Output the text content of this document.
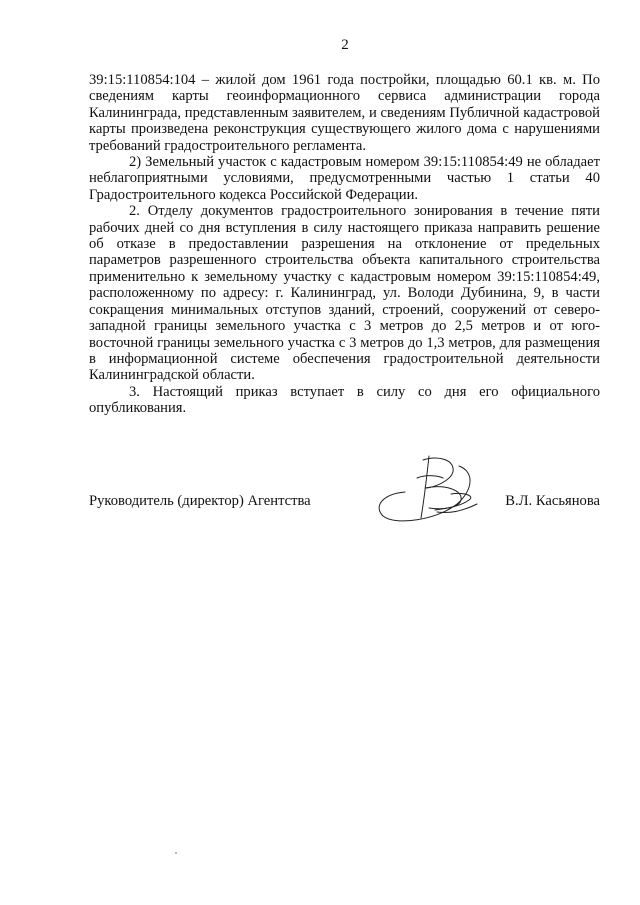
2

39:15:110854:104 – жилой дом 1961 года постройки, площадью 60.1 кв. м. По сведениям карты геоинформационного сервиса администрации города Калининграда, представленным заявителем, и сведениям Публичной кадастровой карты произведена реконструкция существующего жилого дома с нарушениями требований градостроительного регламента.

2) Земельный участок с кадастровым номером 39:15:110854:49 не обладает неблагоприятными условиями, предусмотренными частью 1 статьи 40 Градостроительного кодекса Российской Федерации.

2. Отделу документов градостроительного зонирования в течение пяти рабочих дней со дня вступления в силу настоящего приказа направить решение об отказе в предоставлении разрешения на отклонение от предельных параметров разрешенного строительства объекта капитального строительства применительно к земельному участку с кадастровым номером 39:15:110854:49, расположенному по адресу: г. Калининград, ул. Володи Дубинина, 9, в части сокращения минимальных отступов зданий, строений, сооружений от северо-западной границы земельного участка с 3 метров до 2,5 метров и от юго-восточной границы земельного участка с 3 метров до 1,3 метров, для размещения в информационной системе обеспечения градостроительной деятельности Калининградской области.

3. Настоящий приказ вступает в силу со дня его официального опубликования.

Руководитель (директор) Агентства	В.Л. Касьянова
